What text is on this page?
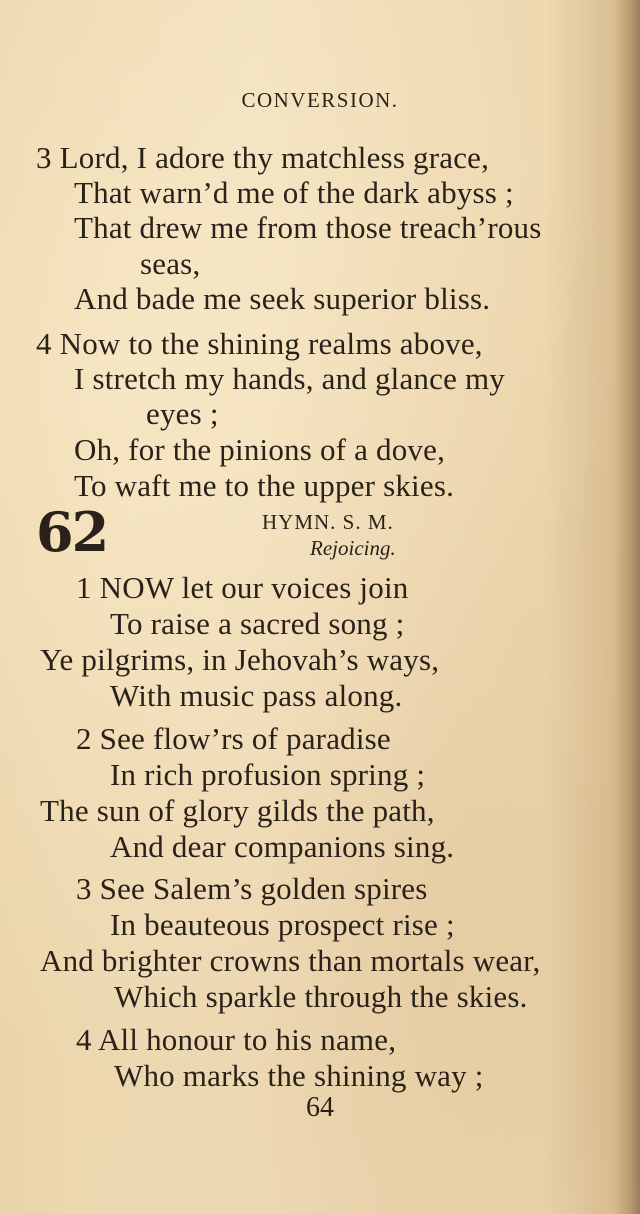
CONVERSION.
3 Lord, I adore thy matchless grace,
That warn’d me of the dark abyss ;
That drew me from those treach’rous
seas,
And bade me seek superior bliss.
4 Now to the shining realms above,
I stretch my hands, and glance my
eyes ;
Oh, for the pinions of a dove,
To waft me to the upper skies.
62	HYMN. S. M.
Rejoicing.
1 NOW let our voices join
To raise a sacred song ;
Ye pilgrims, in Jehovah’s ways,
With music pass along.
2 See flow’rs of paradise
In rich profusion spring ;
The sun of glory gilds the path,
And dear companions sing.
3 See Salem’s golden spires
In beauteous prospect rise ;
And brighter crowns than mortals wear,
Which sparkle through the skies.
4 All honour to his name,
Who marks the shining way ;
64
